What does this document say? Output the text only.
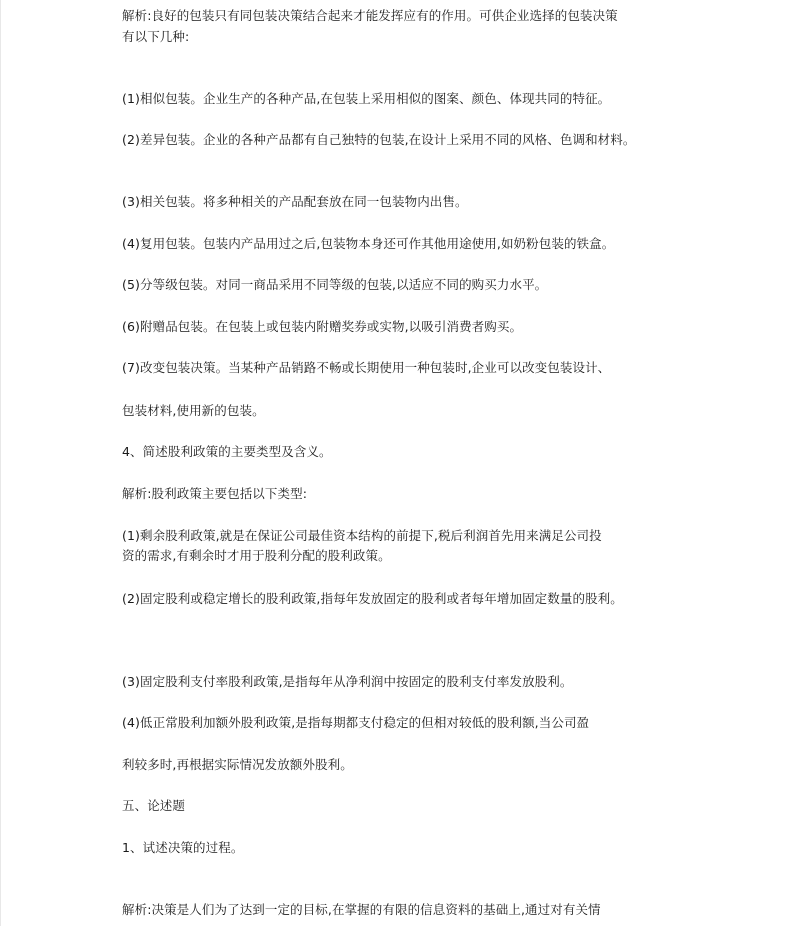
解析:良好的包装只有同包装决策结合起来才能发挥应有的作用。可供企业选择的包装决策
有以下几种:
(1)相似包装。企业生产的各种产品,在包装上采用相似的图案、颜色、体现共同的特征。
(2)差异包装。企业的各种产品都有自己独特的包装,在设计上采用不同的风格、色调和材料。
(3)相关包装。将多种相关的产品配套放在同一包装物内出售。
(4)复用包装。包装内产品用过之后,包装物本身还可作其他用途使用,如奶粉包装的铁盒。
(5)分等级包装。对同一商品采用不同等级的包装,以适应不同的购买力水平。
(6)附赠品包装。在包装上或包装内附赠奖券或实物,以吸引消费者购买。
(7)改变包装决策。当某种产品销路不畅或长期使用一种包装时,企业可以改变包装设计、
包装材料,使用新的包装。
4、简述股利政策的主要类型及含义。
解析:股利政策主要包括以下类型:
(1)剩余股利政策,就是在保证公司最佳资本结构的前提下,税后利润首先用来满足公司投
资的需求,有剩余时才用于股利分配的股利政策。
(2)固定股利或稳定增长的股利政策,指每年发放固定的股利或者每年增加固定数量的股利。
(3)固定股利支付率股利政策,是指每年从净利润中按固定的股利支付率发放股利。
(4)低正常股利加额外股利政策,是指每期都支付稳定的但相对较低的股利额,当公司盈
利较多时,再根据实际情况发放额外股利。
五、论述题
1、试述决策的过程。
解析:决策是人们为了达到一定的目标,在掌握的有限的信息资料的基础上,通过对有关情
